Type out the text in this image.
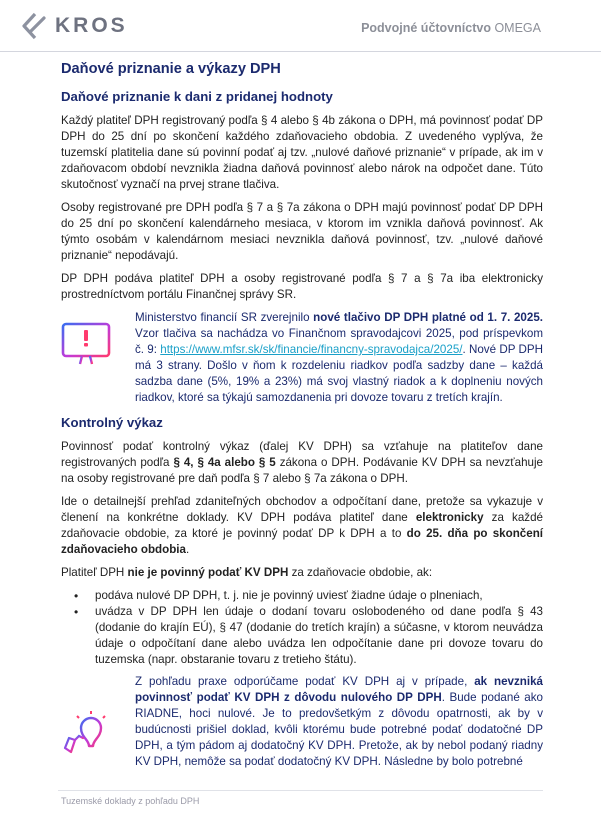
KROS	Podvojné účtovníctvo OMEGA
Daňové priznanie a výkazy DPH
Daňové priznanie k dani z pridanej hodnoty

Každý platiteľ DPH registrovaný podľa § 4 alebo § 4b zákona o DPH, má povinnosť podať DP DPH do 25 dní po skončení každého zdaňovacieho obdobia. Z uvedeného vyplýva, že tuzemskí platitelia dane sú povinní podať aj tzv. „nulové daňové priznanie“ v prípade, ak im v zdaňovacom období nevznikla žiadna daňová povinnosť alebo nárok na odpočet dane. Túto skutočnosť vyznačí na prvej strane tlačiva.

Osoby registrované pre DPH podľa § 7 a § 7a zákona o DPH majú povinnosť podať DP DPH do 25 dní po skončení kalendárneho mesiaca, v ktorom im vznikla daňová povinnosť. Ak týmto osobám v kalendárnom mesiaci nevznikla daňová povinnosť, tzv. „nulové daňové priznanie“ nepodávajú.

DP DPH podáva platiteľ DPH a osoby registrované podľa § 7 a § 7a iba elektronicky prostredníctvom portálu Finančnej správy SR.

Ministerstvo financií SR zverejnilo nové tlačivo DP DPH platné od 1. 7. 2025. Vzor tlačiva sa nachádza vo Finančnom spravodajcovi 2025, pod príspevkom č. 9: https://www.mfsr.sk/sk/financie/financny-spravodajca/2025/. Nové DP DPH má 3 strany. Došlo v ňom k rozdeleniu riadkov podľa sadzby dane – každá sadzba dane (5%, 19% a 23%) má svoj vlastný riadok a k doplneniu nových riadkov, ktoré sa týkajú samozdanenia pri dovoze tovaru z tretích krajín.

Kontrolný výkaz

Povinnosť podať kontrolný výkaz (ďalej KV DPH) sa vzťahuje na platiteľov dane registrovaných podľa § 4, § 4a alebo § 5 zákona o DPH. Podávanie KV DPH sa nevzťahuje na osoby registrované pre daň podľa § 7 alebo § 7a zákona o DPH.

Ide o detailnejší prehľad zdaniteľných obchodov a odpočítaní dane, pretože sa vykazuje v členení na konkrétne doklady. KV DPH podáva platiteľ dane elektronicky za každé zdaňovacie obdobie, za ktoré je povinný podať DP k DPH a to do 25. dňa po skončení zdaňovacieho obdobia.

Platiteľ DPH nie je povinný podať KV DPH za zdaňovacie obdobie, ak:

• podáva nulové DP DPH, t. j. nie je povinný uviesť žiadne údaje o plneniach,
• uvádza v DP DPH len údaje o dodaní tovaru oslobodeného od dane podľa § 43 (dodanie do krajín EÚ), § 47 (dodanie do tretích krajín) a súčasne, v ktorom neuvádza údaje o odpočítaní dane alebo uvádza len odpočítanie dane pri dovoze tovaru do tuzemska (napr. obstaranie tovaru z tretieho štátu).

Z pohľadu praxe odporúčame podať KV DPH aj v prípade, ak nevzniká povinnosť podať KV DPH z dôvodu nulového DP DPH. Bude podané ako RIADNE, hoci nulové. Je to predovšetkým z dôvodu opatrnosti, ak by v budúcnosti prišiel doklad, kvôli ktorému bude potrebné podať dodatočné DP DPH, a tým pádom aj dodatočný KV DPH. Pretože, ak by nebol podaný riadny KV DPH, nemôže sa podať dodatočný KV DPH. Následne by bolo potrebné

Tuzemské doklady z pohľadu DPH
